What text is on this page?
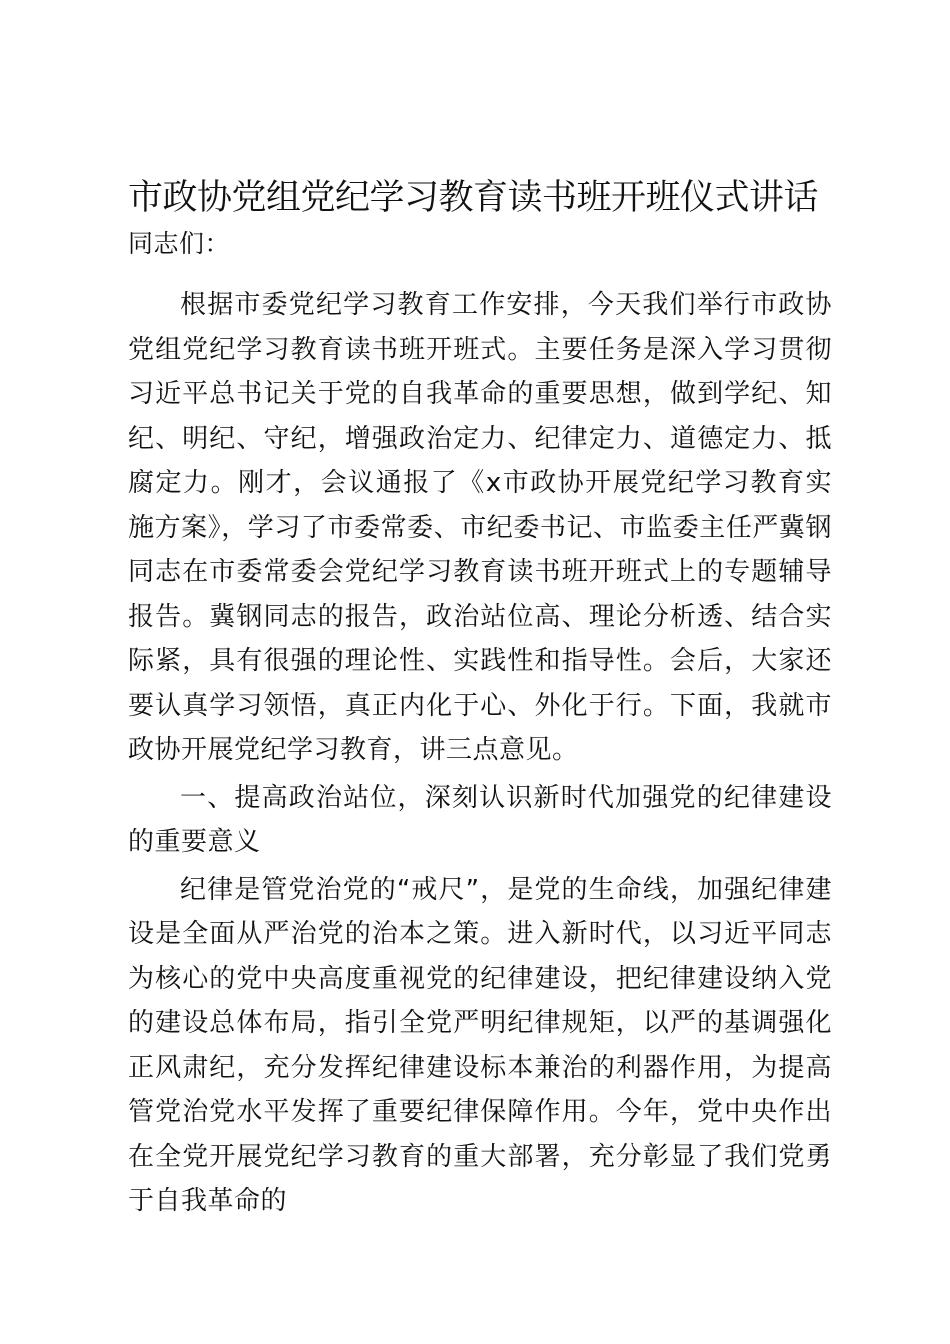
市政协党组党纪学习教育读书班开班仪式讲话

同志们：

根据市委党纪学习教育工作安排，今天我们举行市政协党组党纪学习教育读书班开班式。主要任务是深入学习贯彻习近平总书记关于党的自我革命的重要思想，做到学纪、知纪、明纪、守纪，增强政治定力、纪律定力、道德定力、抵腐定力。刚才，会议通报了《x市政协开展党纪学习教育实施方案》，学习了市委常委、市纪委书记、市监委主任严冀钢同志在市委常委会党纪学习教育读书班开班式上的专题辅导报告。冀钢同志的报告，政治站位高、理论分析透、结合实际紧，具有很强的理论性、实践性和指导性。会后，大家还要认真学习领悟，真正内化于心、外化于行。下面，我就市政协开展党纪学习教育，讲三点意见。

一、提高政治站位，深刻认识新时代加强党的纪律建设的重要意义

纪律是管党治党的“戒尺”，是党的生命线，加强纪律建设是全面从严治党的治本之策。进入新时代，以习近平同志为核心的党中央高度重视党的纪律建设，把纪律建设纳入党的建设总体布局，指引全党严明纪律规矩，以严的基调强化正风肃纪，充分发挥纪律建设标本兼治的利器作用，为提高管党治党水平发挥了重要纪律保障作用。今年，党中央作出在全党开展党纪学习教育的重大部署，充分彰显了我们党勇于自我革命的
